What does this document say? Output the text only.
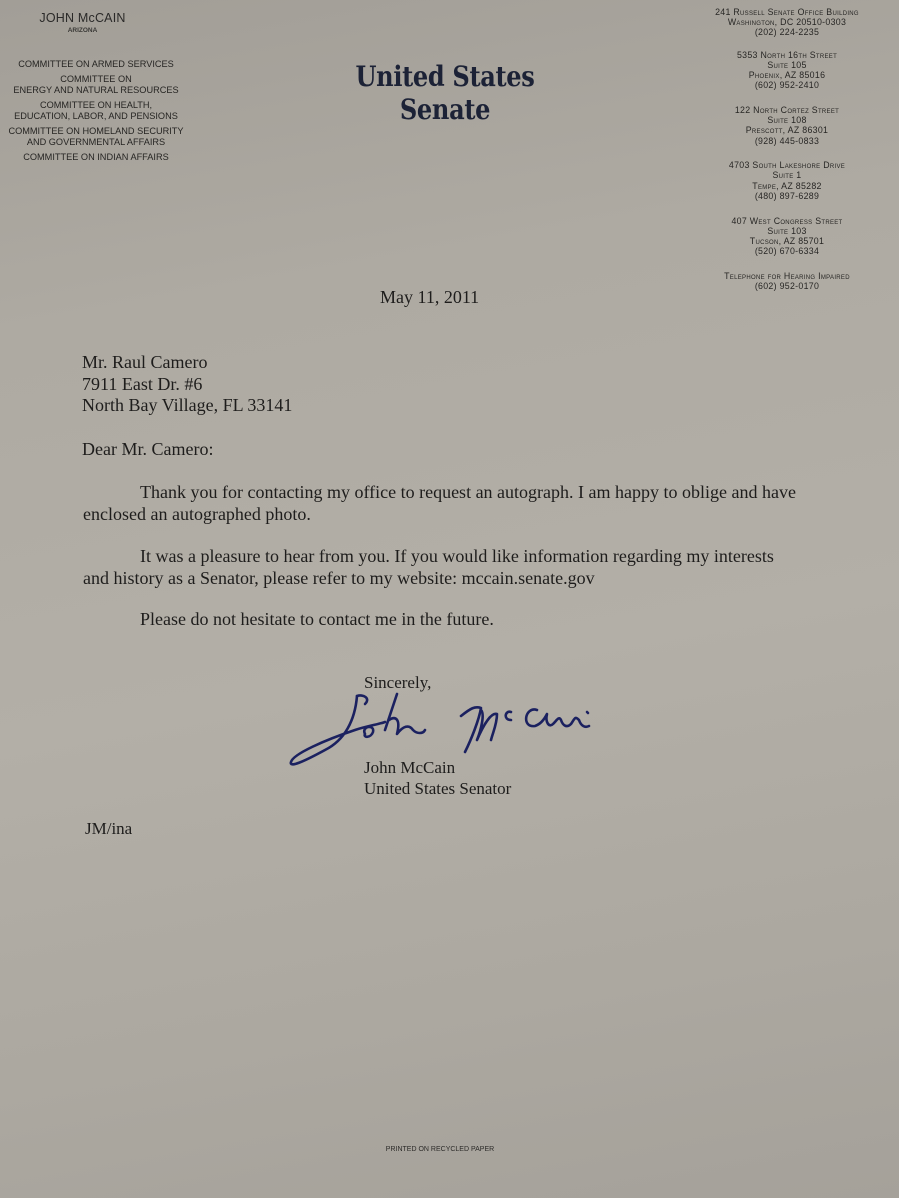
JOHN McCAIN
ARIZONA
COMMITTEE ON ARMED SERVICES
COMMITTEE ON
ENERGY AND NATURAL RESOURCES
COMMITTEE ON HEALTH,
EDUCATION, LABOR, AND PENSIONS
COMMITTEE ON HOMELAND SECURITY
AND GOVERNMENTAL AFFAIRS
COMMITTEE ON INDIAN AFFAIRS
United States Senate
241 Russell Senate Office Building
Washington, DC 20510-0303
(202) 224-2235
5353 North 16th Street
Suite 105
Phoenix, AZ 85016
(602) 952-2410
122 North Cortez Street
Suite 108
Prescott, AZ 86301
(928) 445-0833
4703 South Lakeshore Drive
Suite 1
Tempe, AZ 85282
(480) 897-6289
407 West Congress Street
Suite 103
Tucson, AZ 85701
(520) 670-6334
Telephone for Hearing Impaired
(602) 952-0170
May 11, 2011
Mr. Raul Camero
7911 East Dr. #6
North Bay Village, FL 33141
Dear Mr. Camero:
Thank you for contacting my office to request an autograph. I am happy to oblige and have enclosed an autographed photo.
It was a pleasure to hear from you. If you would like information regarding my interests and history as a Senator, please refer to my website: mccain.senate.gov
Please do not hesitate to contact me in the future.
Sincerely,
John McCain
United States Senator
JM/ina
PRINTED ON RECYCLED PAPER
